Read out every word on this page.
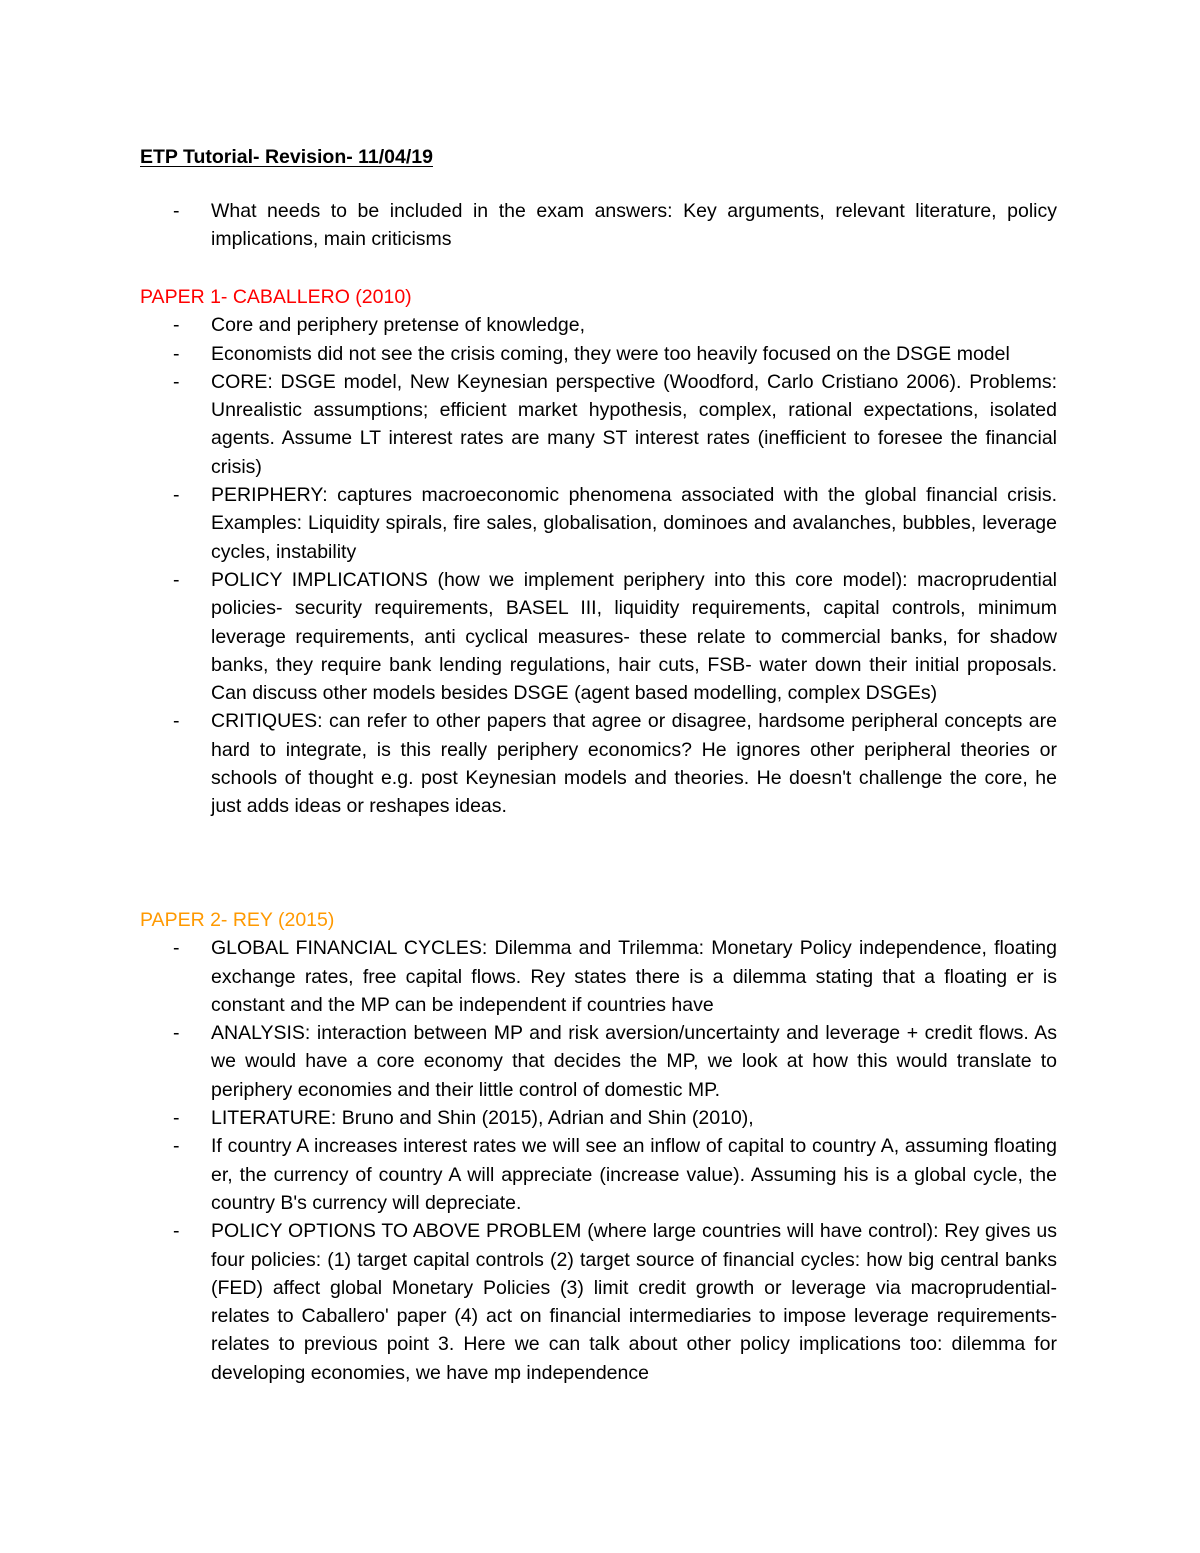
ETP Tutorial- Revision- 11/04/19
- What needs to be included in the exam answers: Key arguments, relevant literature, policy implications, main criticisms
PAPER 1- CABALLERO (2010)
- Core and periphery pretense of knowledge,
- Economists did not see the crisis coming, they were too heavily focused on the DSGE model
- CORE: DSGE model, New Keynesian perspective (Woodford, Carlo Cristiano 2006). Problems: Unrealistic assumptions; efficient market hypothesis, complex, rational expectations, isolated agents. Assume LT interest rates are many ST interest rates (inefficient to foresee the financial crisis)
- PERIPHERY: captures macroeconomic phenomena associated with the global financial crisis. Examples: Liquidity spirals, fire sales, globalisation, dominoes and avalanches, bubbles, leverage cycles, instability
- POLICY IMPLICATIONS (how we implement periphery into this core model): macroprudential policies- security requirements, BASEL III, liquidity requirements, capital controls, minimum leverage requirements, anti cyclical measures- these relate to commercial banks, for shadow banks, they require bank lending regulations, hair cuts, FSB- water down their initial proposals. Can discuss other models besides DSGE (agent based modelling, complex DSGEs)
- CRITIQUES: can refer to other papers that agree or disagree, hardsome peripheral concepts are hard to integrate, is this really periphery economics? He ignores other peripheral theories or schools of thought e.g. post Keynesian models and theories. He doesn't challenge the core, he just adds ideas or reshapes ideas.
PAPER 2- REY (2015)
- GLOBAL FINANCIAL CYCLES: Dilemma and Trilemma: Monetary Policy independence, floating exchange rates, free capital flows. Rey states there is a dilemma stating that a floating er is constant and the MP can be independent if countries have
- ANALYSIS: interaction between MP and risk aversion/uncertainty and leverage + credit flows. As we would have a core economy that decides the MP, we look at how this would translate to periphery economies and their little control of domestic MP.
- LITERATURE: Bruno and Shin (2015), Adrian and Shin (2010),
- If country A increases interest rates we will see an inflow of capital to country A, assuming floating er, the currency of country A will appreciate (increase value). Assuming his is a global cycle, the country B's currency will depreciate.
- POLICY OPTIONS TO ABOVE PROBLEM (where large countries will have control): Rey gives us four policies: (1) target capital controls (2) target source of financial cycles: how big central banks (FED) affect global Monetary Policies (3) limit credit growth or leverage via macroprudential- relates to Caballero' paper (4) act on financial intermediaries to impose leverage requirements- relates to previous point 3. Here we can talk about other policy implications too: dilemma for developing economies, we have mp independence
